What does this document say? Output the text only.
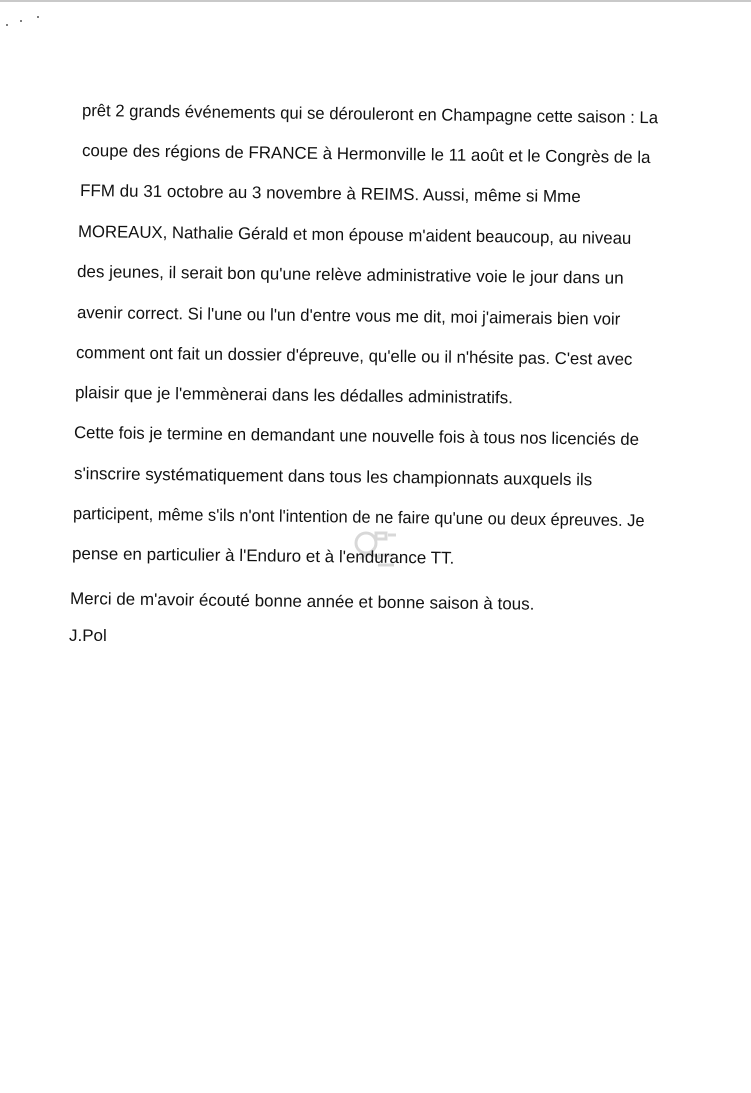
prêt 2 grands événements qui se dérouleront en Champagne cette saison : La

coupe des régions de FRANCE à Hermonville le 11 août et le Congrès de la

FFM du 31 octobre au 3 novembre à REIMS. Aussi, même si Mme

MOREAUX, Nathalie Gérald et mon épouse m'aident beaucoup, au niveau

des jeunes, il serait bon qu'une relève administrative voie le jour dans un

avenir correct. Si l'une ou l'un d'entre vous me dit, moi j'aimerais bien voir

comment ont fait un dossier d'épreuve, qu'elle ou il n'hésite pas. C'est avec

plaisir que je l'emmènerai dans les dédalles administratifs.

Cette fois je termine en demandant une nouvelle fois à tous nos licenciés de

s'inscrire systématiquement dans tous les championnats auxquels ils

participent, même s'ils n'ont l'intention de ne faire qu'une ou deux épreuves. Je

pense en particulier à l'Enduro et à l'endurance TT.

Merci de m'avoir écouté bonne année et bonne saison à tous.

J.Pol
